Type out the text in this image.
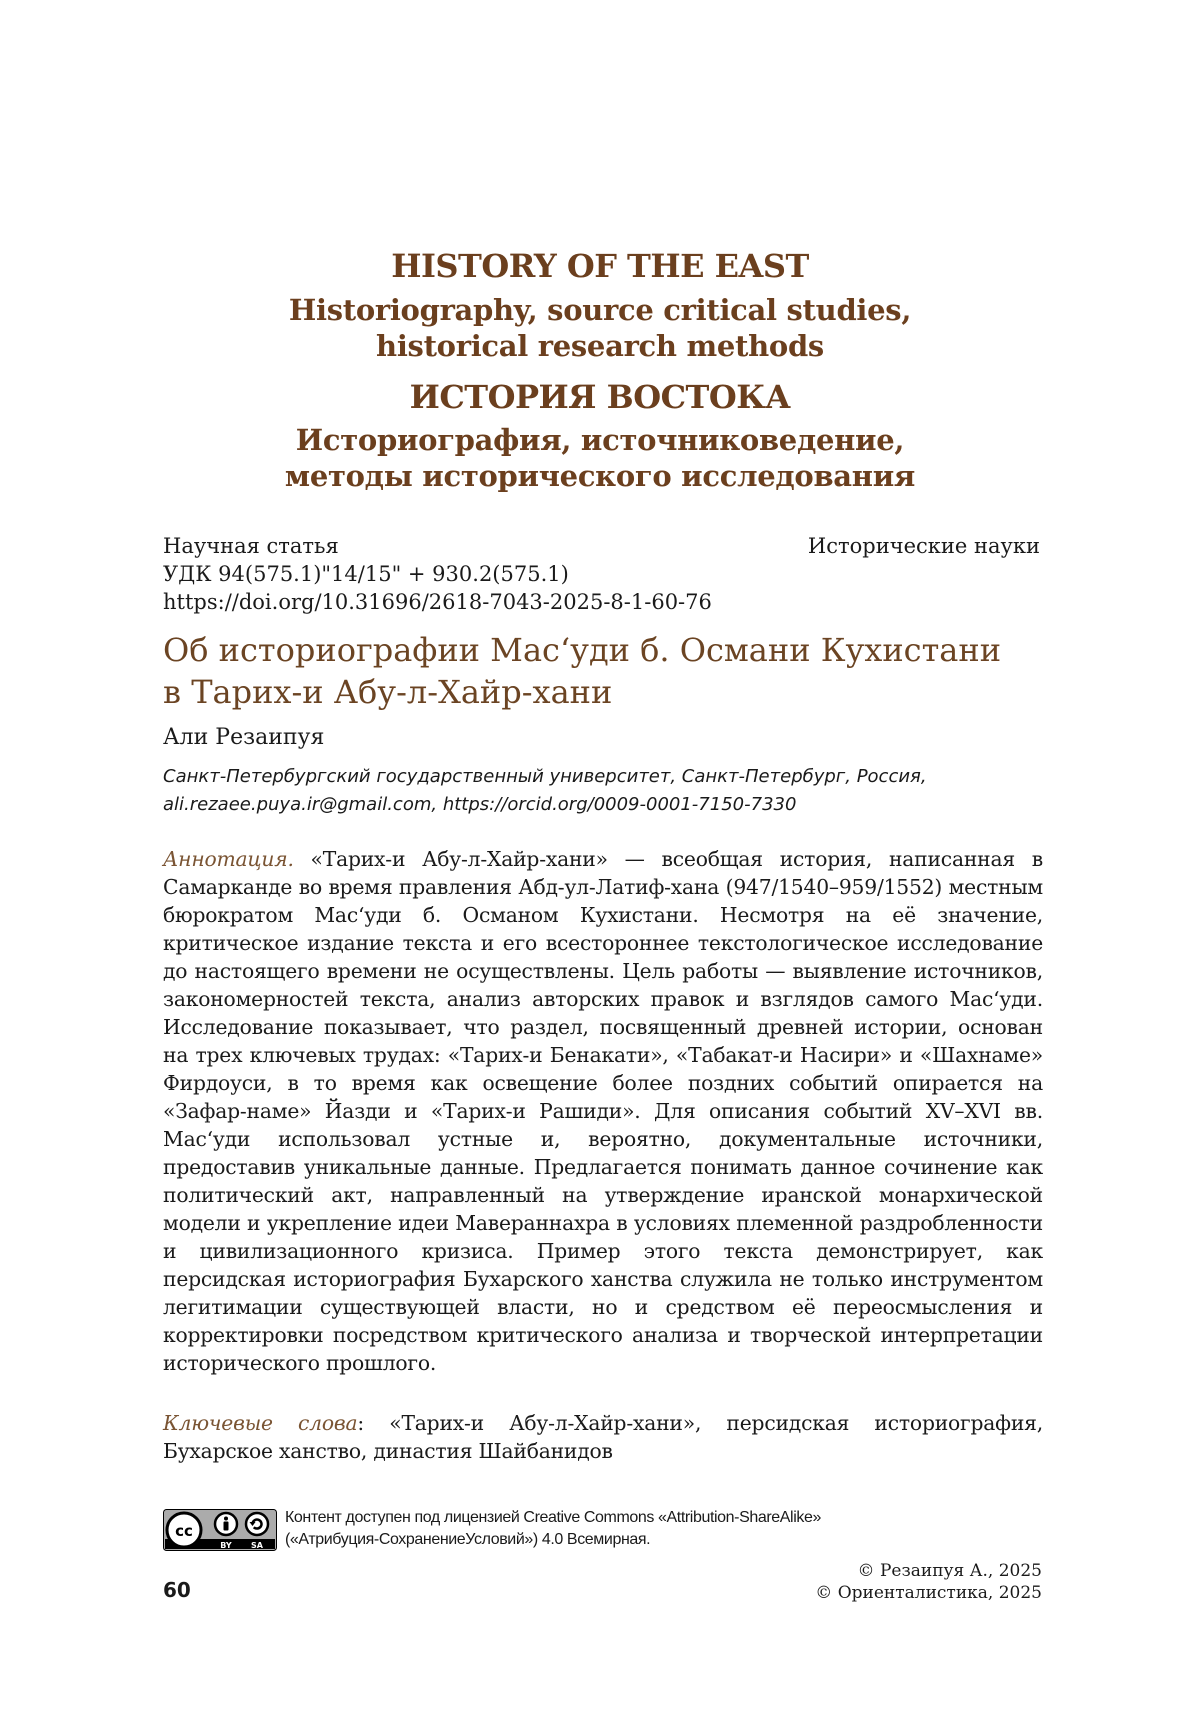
HISTORY OF THE EAST
Historiography, source critical studies,
historical research methods
ИСТОРИЯ ВОСТОКА
Историография, источниковедение,
методы исторического исследования
Научная статья	Исторические науки
УДК 94(575.1)"14/15" + 930.2(575.1)
https://doi.org/10.31696/2618-7043-2025-8-1-60-76
Об историографии Масʻуди б. Османи Кухистани
в Тарих-и Абу-л-Хайр-хани
Али Резаипуя
Санкт-Петербургский государственный университет, Санкт-Петербург, Россия,
ali.rezaee.puya.ir@gmail.com, https://orcid.org/0009-0001-7150-7330
Аннотация. «Тарих-и Абу-л-Хайр-хани» — всеобщая история, написанная в Самарканде во время правления Абд-ул-Латиф-хана (947/1540–959/1552) местным бюрократом Масʻуди б. Османом Кухистани. Несмотря на её значение, критическое издание текста и его всестороннее текстологическое исследование до настоящего времени не осуществлены. Цель работы — выявление источников, закономерностей текста, анализ авторских правок и взглядов самого Масʻуди. Исследование показывает, что раздел, посвященный древней истории, основан на трех ключевых трудах: «Тарих-и Бенакати», «Табакат-и Насири» и «Шахнаме» Фирдоуси, в то время как освещение более поздних событий опирается на «Зафар-наме» Йазди и «Тарих-и Рашиди». Для описания событий XV–XVI вв. Масʻуди использовал устные и, вероятно, документальные источники, предоставив уникальные данные. Предлагается понимать данное сочинение как политический акт, направленный на утверждение иранской монархической модели и укрепление идеи Мавераннахра в условиях племенной раздробленности и цивилизационного кризиса. Пример этого текста демонстрирует, как персидская историография Бухарского ханства служила не только инструментом легитимации существующей власти, но и средством её переосмысления и корректировки посредством критического анализа и творческой интерпретации исторического прошлого.
Ключевые слова: «Тарих-и Абу-л-Хайр-хани», персидская историография, Бухарское ханство, династия Шайбанидов
cc
BY SA
Контент доступен под лицензией Creative Commons «Attribution-ShareAlike»
(«Атрибуция-СохранениеУсловий») 4.0 Всемирная.
60
© Резаипуя А., 2025
© Ориенталистика, 2025
